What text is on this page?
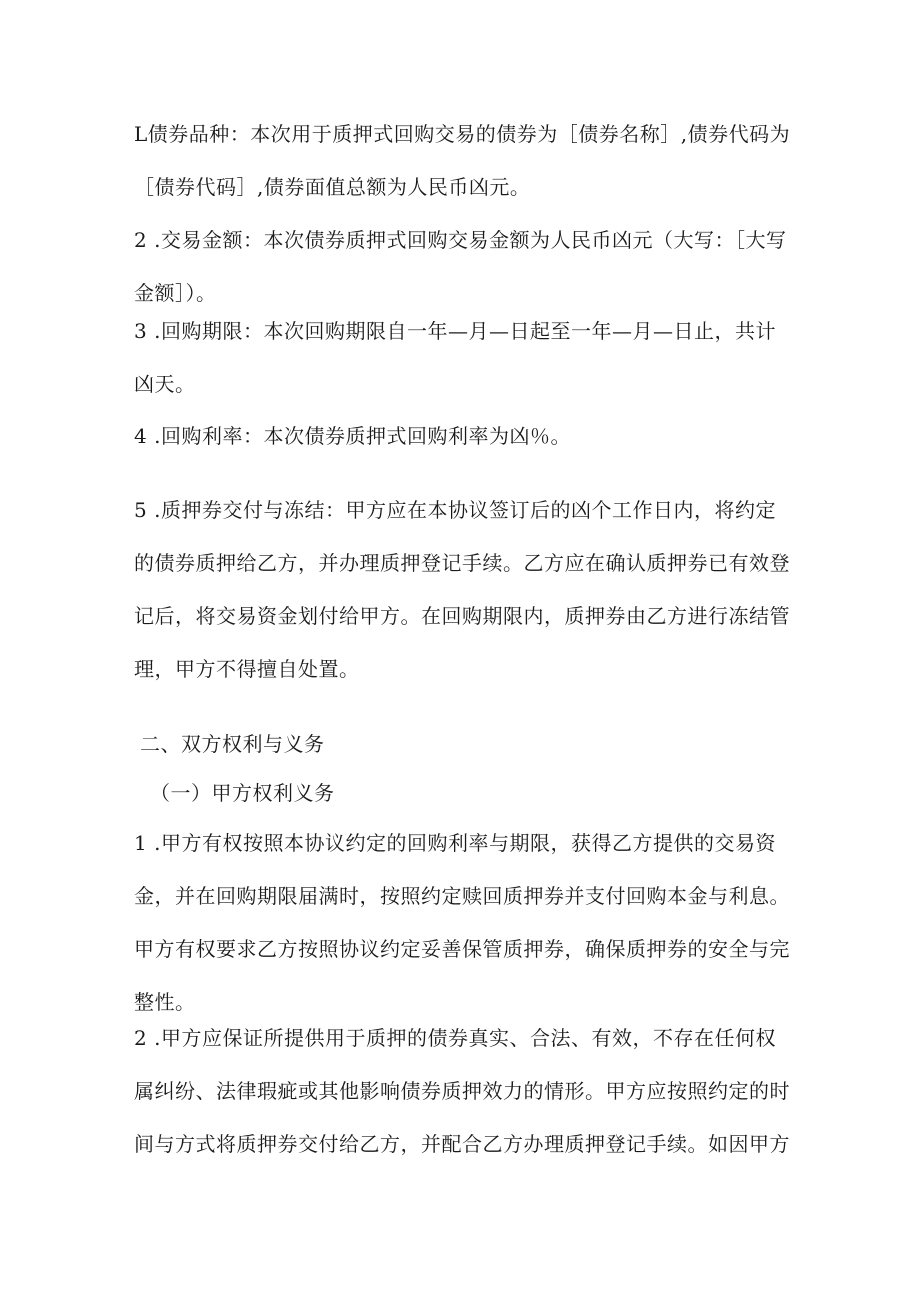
L债券品种：本次用于质押式回购交易的债券为［债券名称］,债券代码为［债券代码］,债券面值总额为人民币凶元。

2 .交易金额：本次债券质押式回购交易金额为人民币凶元（大写：［大写金额］）。

3 .回购期限：本次回购期限自一年—月—日起至一年—月—日止，共计凶天。

4 .回购利率：本次债券质押式回购利率为凶％。

5 .质押券交付与冻结：甲方应在本协议签订后的凶个工作日内，将约定的债券质押给乙方，并办理质押登记手续。乙方应在确认质押券已有效登记后，将交易资金划付给甲方。在回购期限内，质押券由乙方进行冻结管理，甲方不得擅自处置。

二、双方权利与义务

（一）甲方权利义务

1 .甲方有权按照本协议约定的回购利率与期限，获得乙方提供的交易资金，并在回购期限届满时，按照约定赎回质押券并支付回购本金与利息。甲方有权要求乙方按照协议约定妥善保管质押券，确保质押券的安全与完整性。

2 .甲方应保证所提供用于质押的债券真实、合法、有效，不存在任何权属纠纷、法律瑕疵或其他影响债券质押效力的情形。甲方应按照约定的时间与方式将质押券交付给乙方，并配合乙方办理质押登记手续。如因甲方
